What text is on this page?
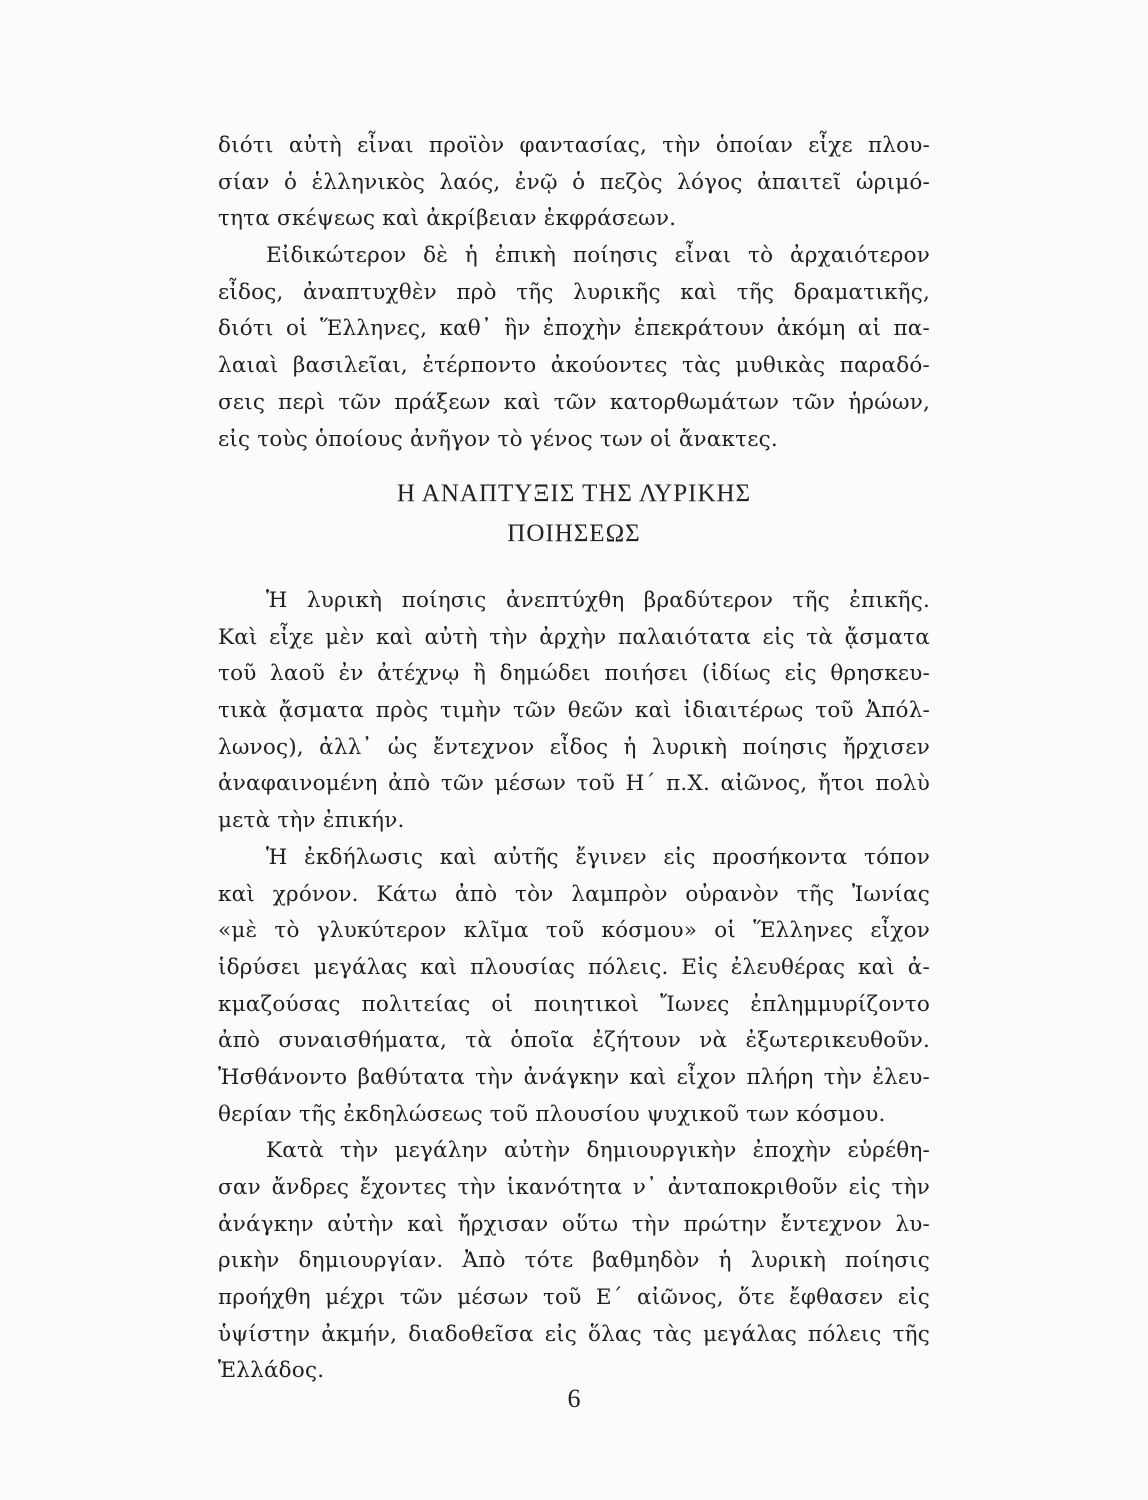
διότι αὐτὴ εἶναι προϊὸν φαντασίας, τὴν ὁποίαν εἶχε πλου-
σίαν ὁ ἑλληνικὸς λαός, ἐνῷ ὁ πεζὸς λόγος ἀπαιτεῖ ὡριμό-
τητα σκέψεως καὶ ἀκρίβειαν ἐκφράσεων.
Εἰδικώτερον δὲ ἡ ἐπικὴ ποίησις εἶναι τὸ ἀρχαιότερον
εἶδος, ἀναπτυχθὲν πρὸ τῆς λυρικῆς καὶ τῆς δραματικῆς,
διότι οἱ Ἕλληνες, καθ᾽ ἣν ἐποχὴν ἐπεκράτουν ἀκόμη αἱ πα-
λαιαὶ βασιλεῖαι, ἐτέρποντο ἀκούοντες τὰς μυθικὰς παραδό-
σεις περὶ τῶν πράξεων καὶ τῶν κατορθωμάτων τῶν ἡρώων,
εἰς τοὺς ὁποίους ἀνῆγον τὸ γένος των οἱ ἄνακτες.
Η ΑΝΑΠΤΥΞΙΣ ΤΗΣ ΛΥΡΙΚΗΣ
ΠΟΙΗΣΕΩΣ
Ἡ λυρικὴ ποίησις ἀνεπτύχθη βραδύτερον τῆς ἐπικῆς.
Καὶ εἶχε μὲν καὶ αὐτὴ τὴν ἀρχὴν παλαιότατα εἰς τὰ ᾄσματα
τοῦ λαοῦ ἐν ἀτέχνῳ ἢ δημώδει ποιήσει (ἰδίως εἰς θρησκευ-
τικὰ ᾄσματα πρὸς τιμὴν τῶν θεῶν καὶ ἰδιαιτέρως τοῦ Ἀπόλ-
λωνος), ἀλλ᾽ ὡς ἔντεχνον εἶδος ἡ λυρικὴ ποίησις ἤρχισεν
ἀναφαινομένη ἀπὸ τῶν μέσων τοῦ Η΄ π.Χ. αἰῶνος, ἤτοι πολὺ
μετὰ τὴν ἐπικήν.
Ἡ ἐκδήλωσις καὶ αὐτῆς ἔγινεν εἰς προσήκοντα τόπον
καὶ χρόνον. Κάτω ἀπὸ τὸν λαμπρὸν οὐρανὸν τῆς Ἰωνίας
«μὲ τὸ γλυκύτερον κλῖμα τοῦ κόσμου» οἱ Ἕλληνες εἶχον
ἱδρύσει μεγάλας καὶ πλουσίας πόλεις. Εἰς ἐλευθέρας καὶ ἀ-
κμαζούσας πολιτείας οἱ ποιητικοὶ Ἴωνες ἐπλημμυρίζοντο
ἀπὸ συναισθήματα, τὰ ὁποῖα ἐζήτουν νὰ ἐξωτερικευθοῦν.
Ἠσθάνοντο βαθύτατα τὴν ἀνάγκην καὶ εἶχον πλήρη τὴν ἐλευ-
θερίαν τῆς ἐκδηλώσεως τοῦ πλουσίου ψυχικοῦ των κόσμου.
Κατὰ τὴν μεγάλην αὐτὴν δημιουργικὴν ἐποχὴν εὑρέθη-
σαν ἄνδρες ἔχοντες τὴν ἱκανότητα ν᾽ ἀνταποκριθοῦν εἰς τὴν
ἀνάγκην αὐτὴν καὶ ἤρχισαν οὕτω τὴν πρώτην ἔντεχνον λυ-
ρικὴν δημιουργίαν. Ἀπὸ τότε βαθμηδὸν ἡ λυρικὴ ποίησις
προήχθη μέχρι τῶν μέσων τοῦ Ε΄ αἰῶνος, ὅτε ἔφθασεν εἰς
ὑψίστην ἀκμήν, διαδοθεῖσα εἰς ὅλας τὰς μεγάλας πόλεις τῆς
Ἑλλάδος.
6
